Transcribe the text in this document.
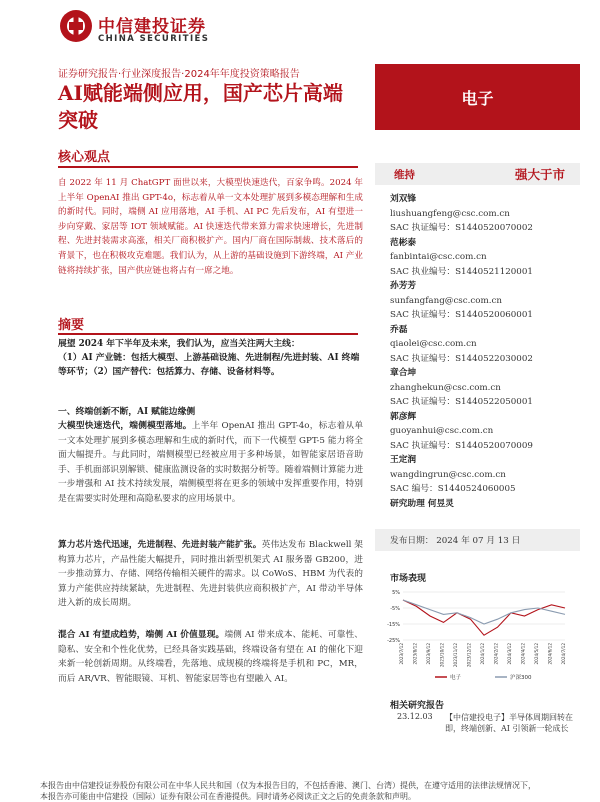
中信建投证券
CHINA SECURITIES
证券研究报告·行业深度报告·2024年年度投资策略报告
AI赋能端侧应用，国产芯片高端突破
电子
核心观点
自 2022 年 11 月 ChatGPT 面世以来，大模型快速迭代，百家争鸣。2024 年上半年 OpenAI 推出 GPT-4o，标志着从单一文本处理扩展到多模态理解和生成的新时代。同时，端侧 AI 应用落地，AI 手机、AI PC 先后发布，AI 有望进一步向穿戴、家居等 IOT 领域赋能。AI 快速迭代带来算力需求快速增长，先进制程、先进封装需求高涨，相关厂商积极扩产。国内厂商在国际制裁、技术落后的背景下，也在积极攻克难题。我们认为，从上游的基础设施到下游终端，AI 产业链将持续扩张，国产供应链也将占有一席之地。
摘要
展望 2024 年下半年及未来，我们认为，应当关注两大主线：
（1）AI 产业链：包括大模型、上游基础设施、先进制程/先进封装、AI 终端等环节；（2）国产替代：包括算力、存储、设备材料等。
一、终端创新不断，AI 赋能边缘侧
大模型快速迭代，端侧模型落地。上半年 OpenAI 推出 GPT-4o，标志着从单一文本处理扩展到多模态理解和生成的新时代，而下一代模型 GPT-5 能力将全面大幅提升。与此同时，端侧模型已经被应用于多种场景，如智能家居语音助手、手机面部识别解锁、健康监测设备的实时数据分析等。随着端侧计算能力进一步增强和 AI 技术持续发展，端侧模型将在更多的领域中发挥重要作用，特别是在需要实时处理和高隐私要求的应用场景中。
算力芯片迭代迅速，先进制程、先进封装产能扩张。英伟达发布 Blackwell 架构算力芯片，产品性能大幅提升，同时推出新型机架式 AI 服务器 GB200，进一步推动算力、存储、网络传输相关硬件的需求。以 CoWoS、HBM 为代表的算力产能供应持续紧缺，先进制程、先进封装供应商积极扩产，AI 带动半导体进入新的成长周期。
混合 AI 有望成趋势，端侧 AI 价值显现。端侧 AI 带来成本、能耗、可靠性、隐私、安全和个性化优势，已经具备实践基础，终端设备有望在 AI 的催化下迎来新一轮创新周期。从终端看，先落地、成规模的终端将是手机和 PC，MR，而后 AR/VR、智能眼镜、耳机、智能家居等也有望融入 AI。
维持	强大于市
刘双锋
liushuangfeng@csc.com.cn
SAC 执证编号：S1440520070002
范彬泰
fanbintai@csc.com.cn
SAC 执业编号：S1440521120001
孙芳芳
sunfangfang@csc.com.cn
SAC 执证编号：S1440520060001
乔磊
qiaolei@csc.com.cn
SAC 执证编号：S1440522030002
章合坤
zhanghekun@csc.com.cn
SAC 执证编号：S1440522050001
郭彦辉
guoyanhui@csc.com.cn
SAC 执证编号：S1440520070009
王定润
wangdingrun@csc.com.cn
SAC 编号：S1440524060005
研究助理 何昱灵
发布日期： 2024 年 07 月 13 日
市场表现
5%
-5%
-15%
-25%
2023/7/12 2023/8/12 2023/9/12 2023/10/12 2023/11/12 2023/12/12 2024/1/12 2024/2/12 2024/3/12 2024/4/12 2024/5/12 2024/6/12 2024/7/12
电子	沪深300
相关研究报告
23.12.03 【中信建投电子】半导体周期回转在即，终端创新、AI 引领新一轮成长
本报告由中信建投证券股份有限公司在中华人民共和国（仅为本报告目的，不包括香港、澳门、台湾）提供，在遵守适用的法律法规情况下，
本报告亦可能由中信建投（国际）证券有限公司在香港提供。同时请务必阅读正文之后的免责条款和声明。
